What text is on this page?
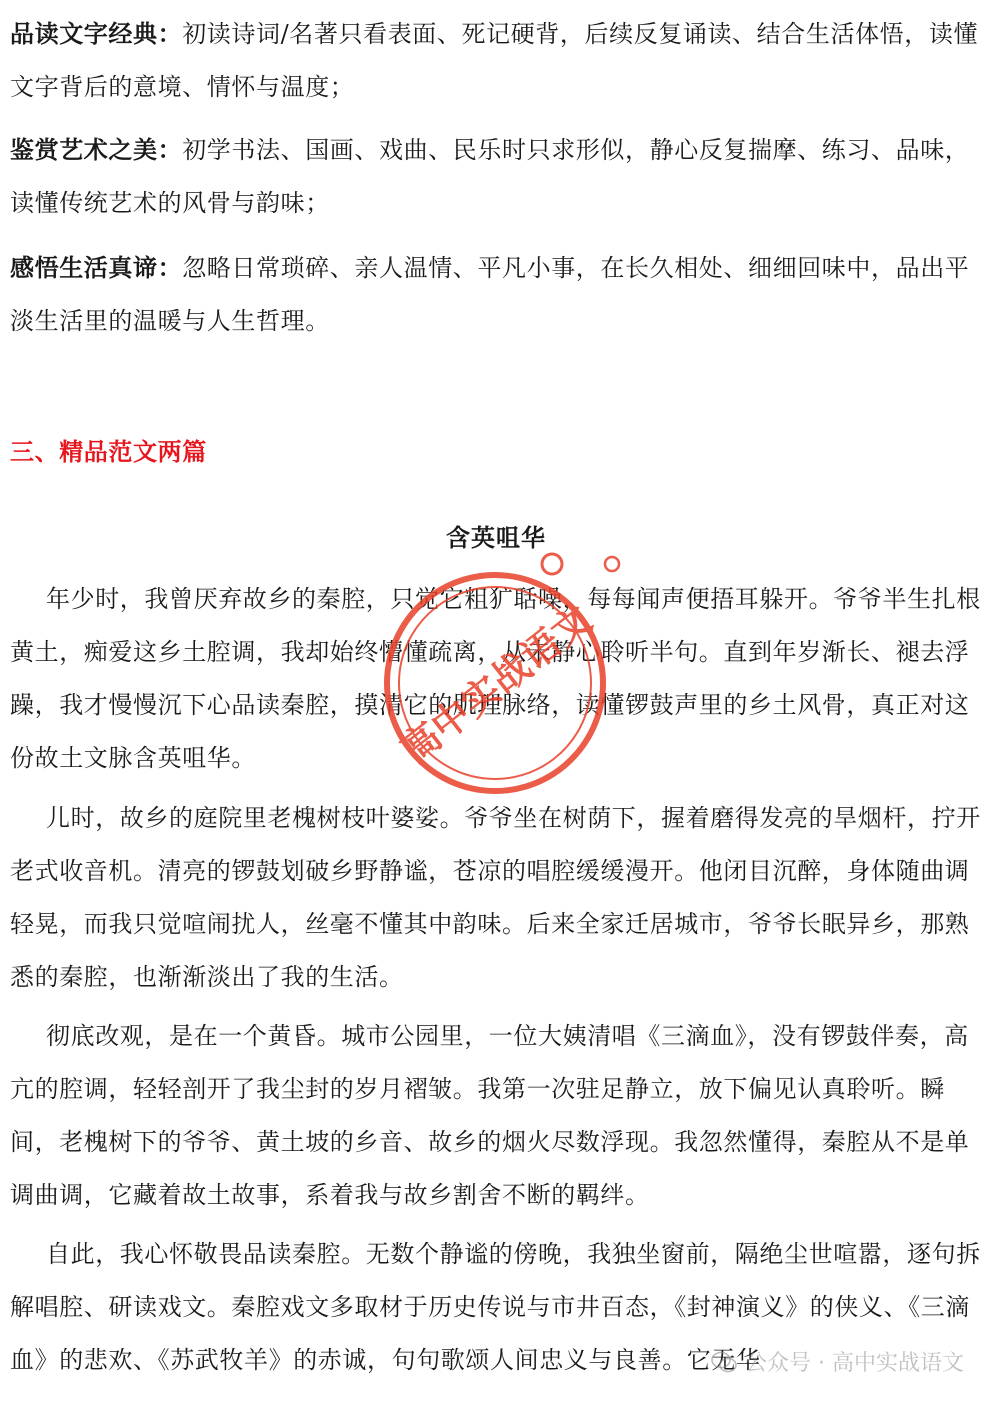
品读文字经典：初读诗词/名著只看表面、死记硬背，后续反复诵读、结合生活体悟，读懂文字背后的意境、情怀与温度；
鉴赏艺术之美：初学书法、国画、戏曲、民乐时只求形似，静心反复揣摩、练习、品味，读懂传统艺术的风骨与韵味；
感悟生活真谛：忽略日常琐碎、亲人温情、平凡小事，在长久相处、细细回味中，品出平淡生活里的温暖与人生哲理。
三、精品范文两篇
含英咀华

年少时，我曾厌弃故乡的秦腔，只觉它粗犷聒噪，每每闻声便捂耳躲开。爷爷半生扎根黄土，痴爱这乡土腔调，我却始终懵懂疏离，从未静心聆听半句。直到年岁渐长、褪去浮躁，我才慢慢沉下心品读秦腔，摸清它的肌理脉络，读懂锣鼓声里的乡土风骨，真正对这份故土文脉含英咀华。

儿时，故乡的庭院里老槐树枝叶婆娑。爷爷坐在树荫下，握着磨得发亮的旱烟杆，拧开老式收音机。清亮的锣鼓划破乡野静谧，苍凉的唱腔缓缓漫开。他闭目沉醉，身体随曲调轻晃，而我只觉喧闹扰人，丝毫不懂其中韵味。后来全家迁居城市，爷爷长眠异乡，那熟悉的秦腔，也渐渐淡出了我的生活。

彻底改观，是在一个黄昏。城市公园里，一位大姨清唱《三滴血》，没有锣鼓伴奏，高亢的腔调，轻轻剖开了我尘封的岁月褶皱。我第一次驻足静立，放下偏见认真聆听。瞬间，老槐树下的爷爷、黄土坡的乡音、故乡的烟火尽数浮现。我忽然懂得，秦腔从不是单调曲调，它藏着故土故事，系着我与故乡割舍不断的羁绊。

自此，我心怀敬畏品读秦腔。无数个静谧的傍晚，我独坐窗前，隔绝尘世喧嚣，逐句拆解唱腔、研读戏文。秦腔戏文多取材于历史传说与市井百态，《封神演义》的侠义、《三滴血》的悲欢、《苏武牧羊》的赤诚，句句歌颂人间忠义与良善。它无华

高中实战语文
公众号 · 高中实战语文
